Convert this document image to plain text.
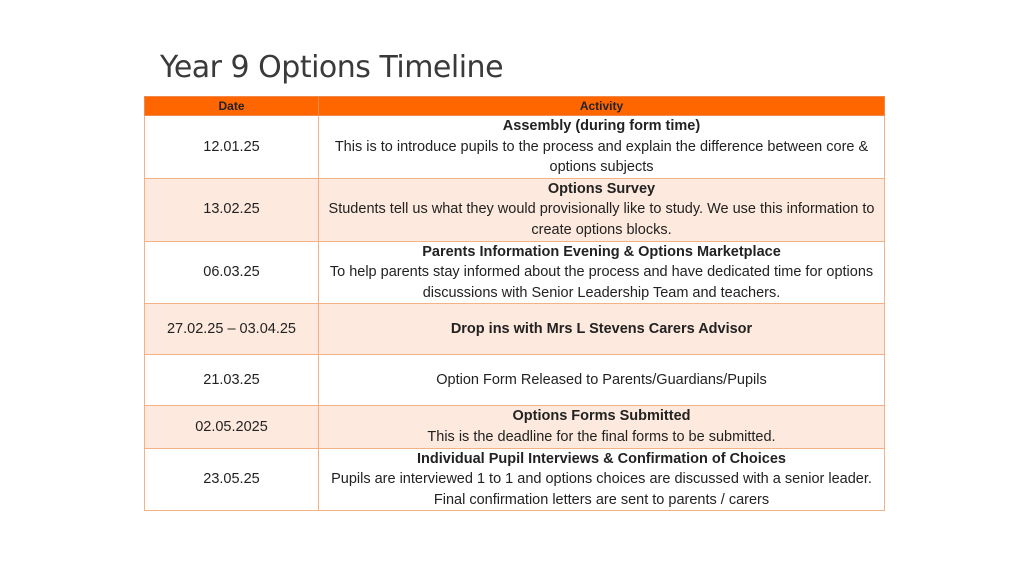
Year 9 Options Timeline
Date	Activity
12.01.25	Assembly (during form time)
This is to introduce pupils to the process and explain the difference between core & options subjects

13.02.25	Options Survey
Students tell us what they would provisionally like to study. We use this information to create options blocks.

06.03.25	Parents Information Evening & Options Marketplace
To help parents stay informed about the process and have dedicated time for options discussions with Senior Leadership Team and teachers.

27.02.25 – 03.04.25	Drop ins with Mrs L Stevens Carers Advisor

21.03.25	Option Form Released to Parents/Guardians/Pupils

02.05.2025	Options Forms Submitted
This is the deadline for the final forms to be submitted.

23.05.25	Individual Pupil Interviews & Confirmation of Choices
Pupils are interviewed 1 to 1 and options choices are discussed with a senior leader. Final confirmation letters are sent to parents / carers
